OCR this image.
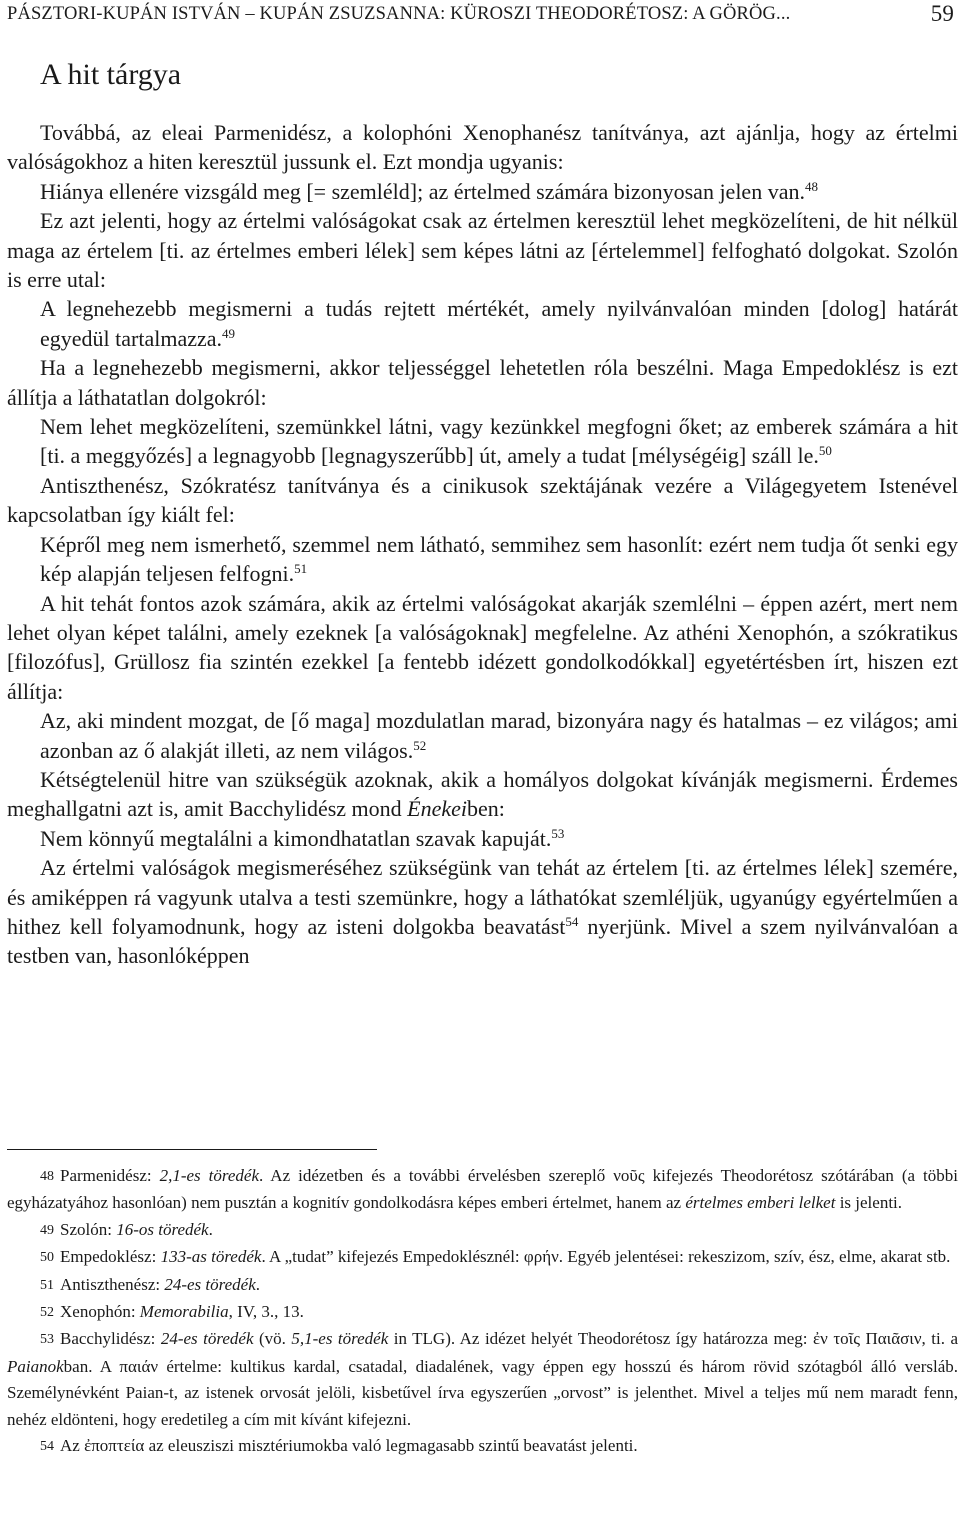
PÁSZTORI-KUPÁN ISTVÁN – KUPÁN ZSUZSANNA: KÜROSZI THEODORÉTOSZ: A GÖRÖG...	59
A hit tárgya

Továbbá, az eleai Parmenidész, a kolophóni Xenophanész tanítványa, azt ajánlja, hogy az értelmi valóságokhoz a hiten keresztül jussunk el. Ezt mondja ugyanis:

Hiánya ellenére vizsgáld meg [= szemléld]; az értelmed számára bizonyosan jelen van.$^{48}$

Ez azt jelenti, hogy az értelmi valóságokat csak az értelmen keresztül lehet megközelíteni, de hit nélkül maga az értelem [ti. az értelmes emberi lélek] sem képes látni az [értelemmel] felfogható dolgokat. Szolón is erre utal:

A legnehezebb megismerni a tudás rejtett mértékét, amely nyilvánvalóan minden [dolog] határát egyedül tartalmazza.$^{49}$

Ha a legnehezebb megismerni, akkor teljességgel lehetetlen róla beszélni. Maga Empedoklész is ezt állítja a láthatatlan dolgokról:

Nem lehet megközelíteni, szemünkkel látni, vagy kezünkkel megfogni őket; az emberek számára a hit [ti. a meggyőzés] a legnagyobb [legnagyszerűbb] út, amely a tudat [mélységéig] száll le.$^{50}$

Antiszthenész, Szókratész tanítványa és a cinikusok szektájának vezére a Világegyetem Istenével kapcsolatban így kiált fel:

Képről meg nem ismerhető, szemmel nem látható, semmihez sem hasonlít: ezért nem tudja őt senki egy kép alapján teljesen felfogni.$^{51}$

A hit tehát fontos azok számára, akik az értelmi valóságokat akarják szemlélni – éppen azért, mert nem lehet olyan képet találni, amely ezeknek [a valóságoknak] megfelelne. Az athéni Xenophón, a szókratikus [filozófus], Grüllosz fia szintén ezekkel [a fentebb idézett gondolkodókkal] egyetértésben írt, hiszen ezt állítja:

Az, aki mindent mozgat, de [ő maga] mozdulatlan marad, bizonyára nagy és hatalmas – ez világos; ami azonban az ő alakját illeti, az nem világos.$^{52}$

Kétségtelenül hitre van szükségük azoknak, akik a homályos dolgokat kívánják megismerni. Érdemes meghallgatni azt is, amit Bacchylidész mond Énekeiben:

Nem könnyű megtalálni a kimondhatatlan szavak kapuját.$^{53}$

Az értelmi valóságok megismeréséhez szükségünk van tehát az értelem [ti. az értelmes lélek] szemére, és amiképpen rá vagyunk utalva a testi szemünkre, hogy a láthatókat szemléljük, ugyanúgy egyértelműen a hithez kell folyamodnunk, hogy az isteni dolgokba beavatást$^{54}$ nyerjünk. Mivel a szem nyilvánvalóan a testben van, hasonlóképpen

48 Parmenidész: 2,1-es töredék. Az idézetben és a további érvelésben szereplő νοῦς kifejezés Theodorétosz szótárában (a többi egyházatyához hasonlóan) nem pusztán a kognitív gondolkodásra képes emberi értelmet, hanem az értelmes emberi lelket is jelenti.

49 Szolón: 16-os töredék.

50 Empedoklész: 133-as töredék. A „tudat” kifejezés Empedoklésznél: φρήν. Egyéb jelentései: rekeszizom, szív, ész, elme, akarat stb.

51 Antiszthenész: 24-es töredék.

52 Xenophón: Memorabilia, IV, 3., 13.

53 Bacchylidész: 24-es töredék (vö. 5,1-es töredék in TLG). Az idézet helyét Theodorétosz így határozza meg: ἐν τοῖς Παιᾶσιν, ti. a Paianokban. A παιάν értelme: kultikus kardal, csatadal, diadalének, vagy éppen egy hosszú és három rövid szótagból álló versláb. Személynévként Paian-t, az istenek orvosát jelöli, kisbetűvel írva egyszerűen „orvost” is jelenthet. Mivel a teljes mű nem maradt fenn, nehéz eldönteni, hogy eredetileg a cím mit kívánt kifejezni.

54 Az ἐποπτεία az eleusziszi misztériumokba való legmagasabb szintű beavatást jelenti.
